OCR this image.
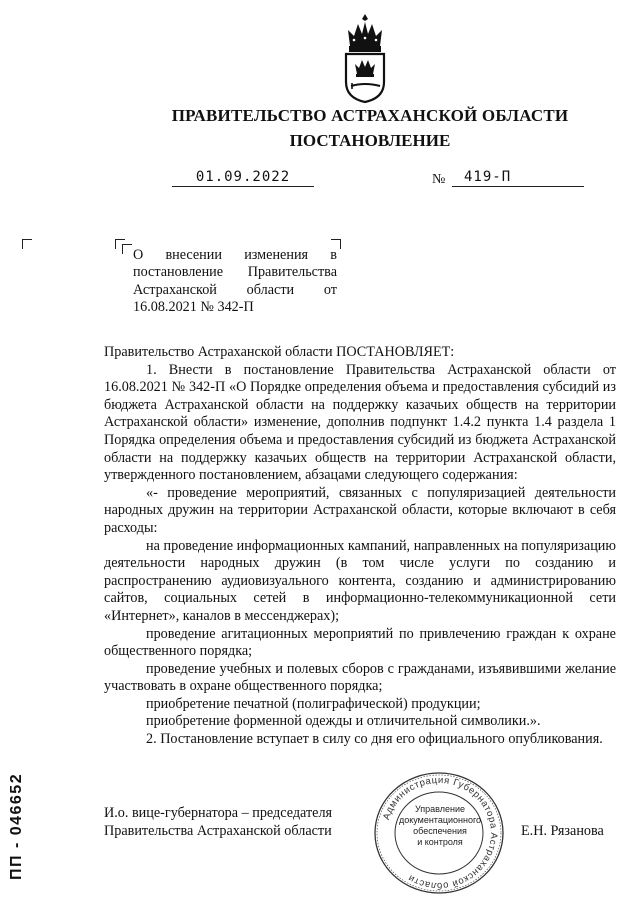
ПРАВИТЕЛЬСТВО АСТРАХАНСКОЙ ОБЛАСТИ
ПОСТАНОВЛЕНИЕ
01.09.2022	№	419-П
О внесении изменения в постановление Правительства Астраханской области от 16.08.2021 № 342-П

Правительство Астраханской области ПОСТАНОВЛЯЕТ:

1. Внести в постановление Правительства Астраханской области от 16.08.2021 № 342-П «О Порядке определения объема и предоставления субсидий из бюджета Астраханской области на поддержку казачьих обществ на территории Астраханской области» изменение, дополнив подпункт 1.4.2 пункта 1.4 раздела 1 Порядка определения объема и предоставления субсидий из бюджета Астраханской области на поддержку казачьих обществ на территории Астраханской области, утвержденного постановлением, абзацами следующего содержания:

«- проведение мероприятий, связанных с популяризацией деятельности народных дружин на территории Астраханской области, которые включают в себя расходы:

на проведение информационных кампаний, направленных на популяризацию деятельности народных дружин (в том числе услуги по созданию и распространению аудиовизуального контента, созданию и администрированию сайтов, социальных сетей в информационно-телекоммуникационной сети «Интернет», каналов в мессенджерах);

проведение агитационных мероприятий по привлечению граждан к охране общественного порядка;

проведение учебных и полевых сборов с гражданами, изъявившими желание участвовать в охране общественного порядка;

приобретение печатной (полиграфической) продукции;

приобретение форменной одежды и отличительной символики.».

2. Постановление вступает в силу со дня его официального опубликования.

И.о. вице-губернатора – председателя
Правительства Астраханской области
Администрация Губернатора Астраханской области
Управление
документационного
обеспечения
и контроля
Е.Н. Рязанова
ПП - 046652
